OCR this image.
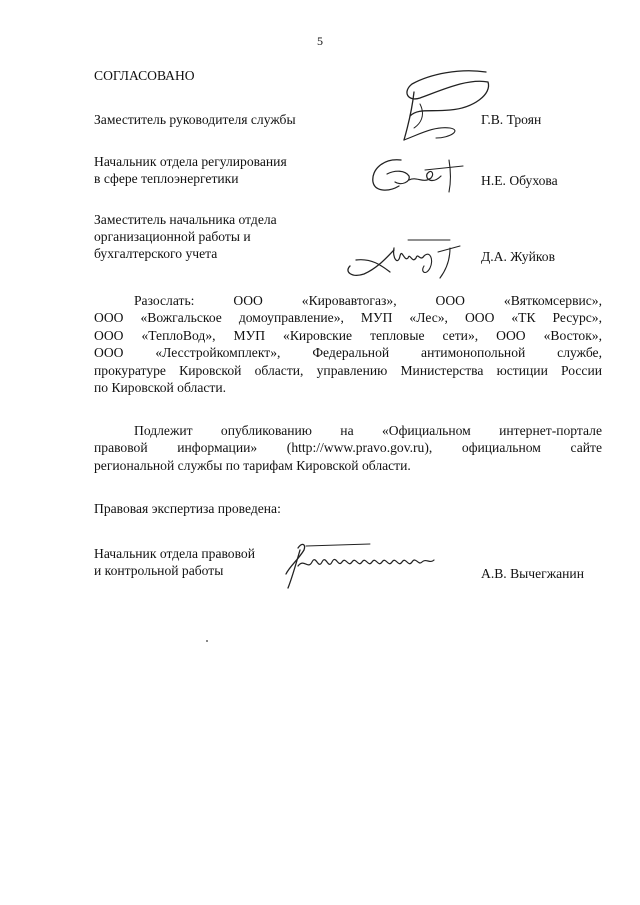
5
СОГЛАСОВАНО
Заместитель руководителя службы	Г.В. Троян
Начальник отдела регулирования
в сфере теплоэнергетики	Н.Е. Обухова
Заместитель начальника отдела
организационной работы и
бухгалтерского учета	Д.А. Жуйков
Разослать: ООО «Кировавтогаз», ООО «Вяткомсервис»,
ООО «Вожгальское домоуправление», МУП «Лес», ООО «ТК Ресурс»,
ООО «ТеплоВод», МУП «Кировские тепловые сети», ООО «Восток»,
ООО «Лесстройкомплект», Федеральной антимонопольной службе,
прокуратуре Кировской области, управлению Министерства юстиции России
по Кировской области.
Подлежит опубликованию на «Официальном интернет-портале
правовой информации» (http://www.pravo.gov.ru), официальном сайте
региональной службы по тарифам Кировской области.
Правовая экспертиза проведена:
Начальник отдела правовой
и контрольной работы	А.В. Вычегжанин
